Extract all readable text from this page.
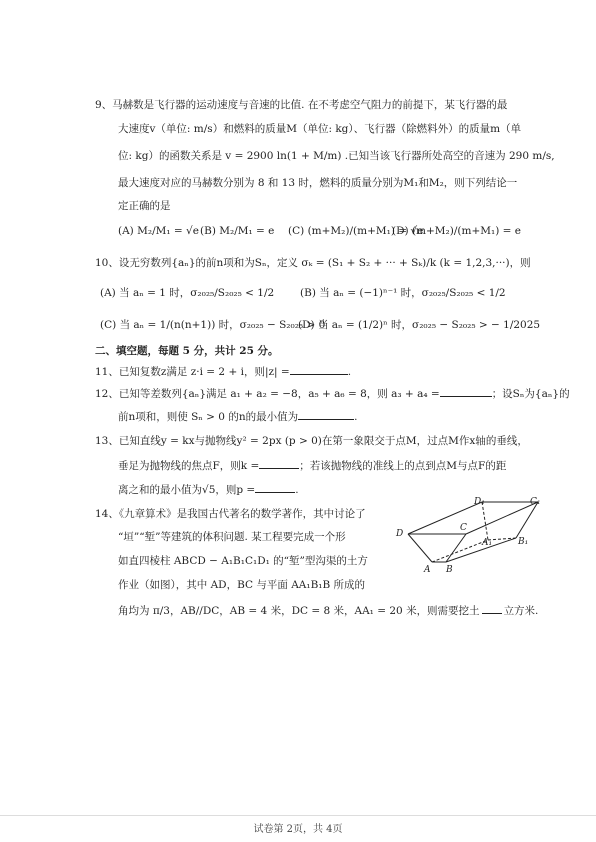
9、马赫数是飞行器的运动速度与音速的比值. 在不考虑空气阻力的前提下，某飞行器的最
大速度v（单位: m/s）和燃料的质量M（单位: kg）、飞行器（除燃料外）的质量m（单
位: kg）的函数关系是 v = 2900 ln(1 + M/m) .已知当该飞行器所处高空的音速为 290 m/s,
最大速度对应的马赫数分别为 8 和 13 时，燃料的质量分别为M₁和M₂，则下列结论一
定正确的是
(A) M₂/M₁ = √e (B) M₂/M₁ = e (C) (m+M₂)/(m+M₁) = √e
(D) (m+M₂)/(m+M₁) = e
10、设无穷数列{aₙ}的前n项和为Sₙ，定义 σₖ = (S₁ + S₂ + ··· + Sₖ)/k (k = 1,2,3,···)，则
(A) 当 aₙ = 1 时，σ₂₀₂₅/S₂₀₂₅ < 1/2 (B) 当 aₙ = (−1)ⁿ⁻¹ 时，σ₂₀₂₅/S₂₀₂₅ < 1/2
(C) 当 aₙ = 1/(n(n+1)) 时，σ₂₀₂₅ − S₂₀₂₅ > 0
(D) 当 aₙ = (1/2)ⁿ 时，σ₂₀₂₅ − S₂₀₂₅ > − 1/2025
二、填空题，每题 5 分，共计 25 分。
11、已知复数z满足 z·i = 2 + i，则|z| =	.
12、已知等差数列{aₙ}满足 a₁ + a₂ = −8，a₅ + a₆ = 8，则 a₃ + a₄ =	；设Sₙ为{aₙ}的
前n项和，则使 Sₙ > 0 的n的最小值为	.
13、已知直线y = kx与抛物线y² = 2px (p > 0)在第一象限交于点M，过点M作x轴的垂线，
垂足为抛物线的焦点F，则k =	；若该抛物线的准线上的点到点M与点F的距
离之和的最小值为√5，则p =	.
14、《九章算术》是我国古代著名的数学著作，其中讨论了
“垣”“堑”等建筑的体积问题. 某工程要完成一个形
如直四棱柱 ABCD − A₁B₁C₁D₁ 的“堑”型沟渠的土方
作业（如图），其中 AD，BC 与平面 AA₁B₁B 所成的
角均为 π/3，AB//DC，AB = 4 米，DC = 8 米，AA₁ = 20 米，则需要挖土 立方米.
D₁	C₁
D
C
A₁	B₁
A B
试卷第 2页，共 4页
